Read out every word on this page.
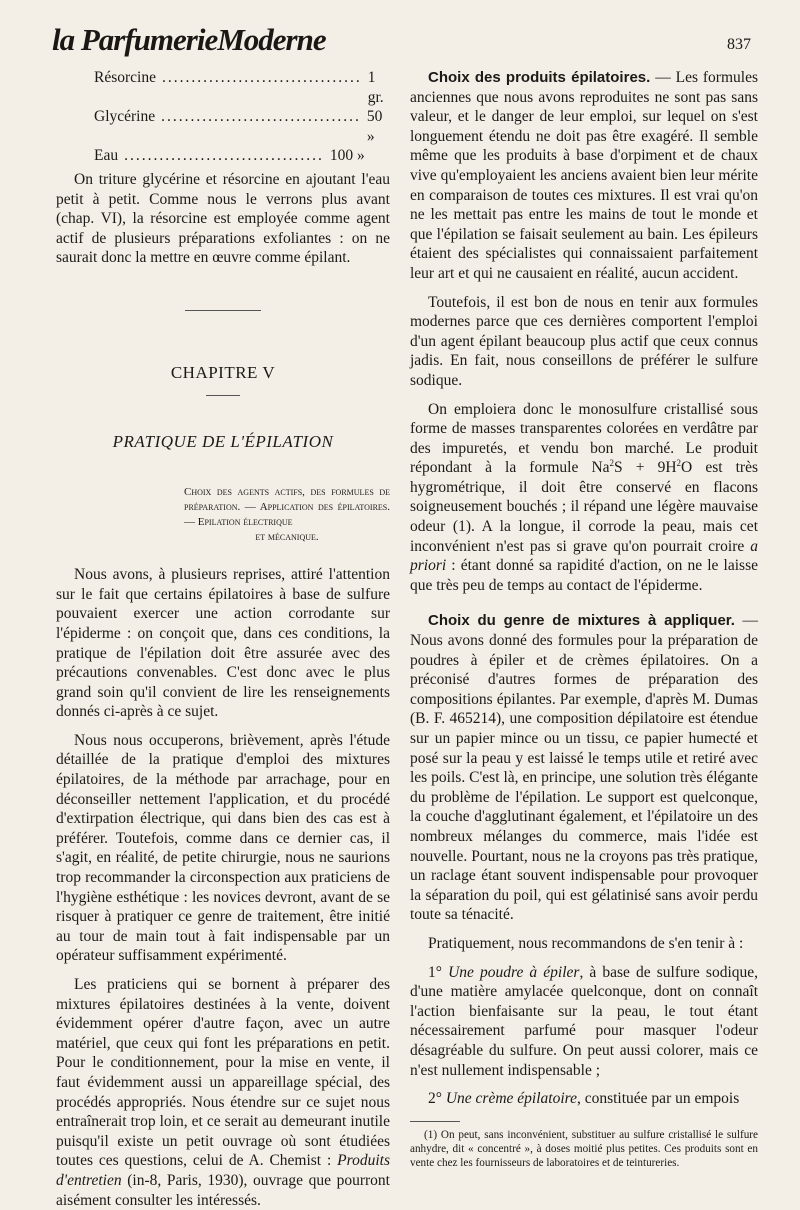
la ParfumerieModerne	837
Résorcine .................................. 1 gr.
Glycérine .................................. 50 »
Eau .................................. 100 »

On triture glycérine et résorcine en ajoutant l'eau petit à petit. Comme nous le verrons plus avant (chap. VI), la résorcine est employée comme agent actif de plusieurs préparations exfoliantes : on ne saurait donc la mettre en œuvre comme épilant.

CHAPITRE V
PRATIQUE DE L'ÉPILATION
Choix des agents actifs, des formules de préparation. — Application des épilatoires. — Epilation électrique
et mécanique.

Nous avons, à plusieurs reprises, attiré l'attention sur le fait que certains épilatoires à base de sulfure pouvaient exercer une action corrodante sur l'épiderme : on conçoit que, dans ces conditions, la pratique de l'épilation doit être assurée avec des précautions convenables. C'est donc avec le plus grand soin qu'il convient de lire les renseignements donnés ci-après à ce sujet.

Nous nous occuperons, brièvement, après l'étude détaillée de la pratique d'emploi des mixtures épilatoires, de la méthode par arrachage, pour en déconseiller nettement l'application, et du procédé d'extirpation électrique, qui dans bien des cas est à préférer. Toutefois, comme dans ce dernier cas, il s'agit, en réalité, de petite chirurgie, nous ne saurions trop recommander la circonspection aux praticiens de l'hygiène esthétique : les novices devront, avant de se risquer à pratiquer ce genre de traitement, être initié au tour de main tout à fait indispensable par un opérateur suffisamment expérimenté.

Les praticiens qui se bornent à préparer des mixtures épilatoires destinées à la vente, doivent évidemment opérer d'autre façon, avec un autre matériel, que ceux qui font les préparations en petit. Pour le conditionnement, pour la mise en vente, il faut évidemment aussi un appareillage spécial, des procédés appropriés. Nous étendre sur ce sujet nous entraînerait trop loin, et ce serait au demeurant inutile puisqu'il existe un petit ouvrage où sont étudiées toutes ces questions, celui de A. Chemist : Produits d'entretien (in-8, Paris, 1930), ouvrage que pourront aisément consulter les intéressés.

Choix des produits épilatoires. — Les formules anciennes que nous avons reproduites ne sont pas sans valeur, et le danger de leur emploi, sur lequel on s'est longuement étendu ne doit pas être exagéré. Il semble même que les produits à base d'orpiment et de chaux vive qu'employaient les anciens avaient bien leur mérite en comparaison de toutes ces mixtures. Il est vrai qu'on ne les mettait pas entre les mains de tout le monde et que l'épilation se faisait seulement au bain. Les épileurs étaient des spécialistes qui connaissaient parfaitement leur art et qui ne causaient en réalité, aucun accident.

Toutefois, il est bon de nous en tenir aux formules modernes parce que ces dernières comportent l'emploi d'un agent épilant beaucoup plus actif que ceux connus jadis. En fait, nous conseillons de préférer le sulfure sodique.

On emploiera donc le monosulfure cristallisé sous forme de masses transparentes colorées en verdâtre par des impuretés, et vendu bon marché. Le produit répondant à la formule $Na^2S + 9H^2O$ est très hygrométrique, il doit être conservé en flacons soigneusement bouchés ; il répand une légère mauvaise odeur (1). A la longue, il corrode la peau, mais cet inconvénient n'est pas si grave qu'on pourrait croire a priori : étant donné sa rapidité d'action, on ne le laisse que très peu de temps au contact de l'épiderme.

Choix du genre de mixtures à appliquer. — Nous avons donné des formules pour la préparation de poudres à épiler et de crèmes épilatoires. On a préconisé d'autres formes de préparation des compositions épilantes. Par exemple, d'après M. Dumas (B. F. 465214), une composition dépilatoire est étendue sur un papier mince ou un tissu, ce papier humecté et posé sur la peau y est laissé le temps utile et retiré avec les poils. C'est là, en principe, une solution très élégante du problème de l'épilation. Le support est quelconque, la couche d'agglutinant également, et l'épilatoire un des nombreux mélanges du commerce, mais l'idée est nouvelle. Pourtant, nous ne la croyons pas très pratique, un raclage étant souvent indispensable pour provoquer la séparation du poil, qui est gélatinisé sans avoir perdu toute sa ténacité.

Pratiquement, nous recommandons de s'en tenir à :

1° Une poudre à épiler, à base de sulfure sodique, d'une matière amylacée quelconque, dont on connaît l'action bienfaisante sur la peau, le tout étant nécessairement parfumé pour masquer l'odeur désagréable du sulfure. On peut aussi colorer, mais ce n'est nullement indispensable ;

2° Une crème épilatoire, constituée par un empois

(1) On peut, sans inconvénient, substituer au sulfure cristallisé le sulfure anhydre, dit « concentré », à doses moitié plus petites. Ces produits sont en vente chez les fournisseurs de laboratoires et de teintureries.
